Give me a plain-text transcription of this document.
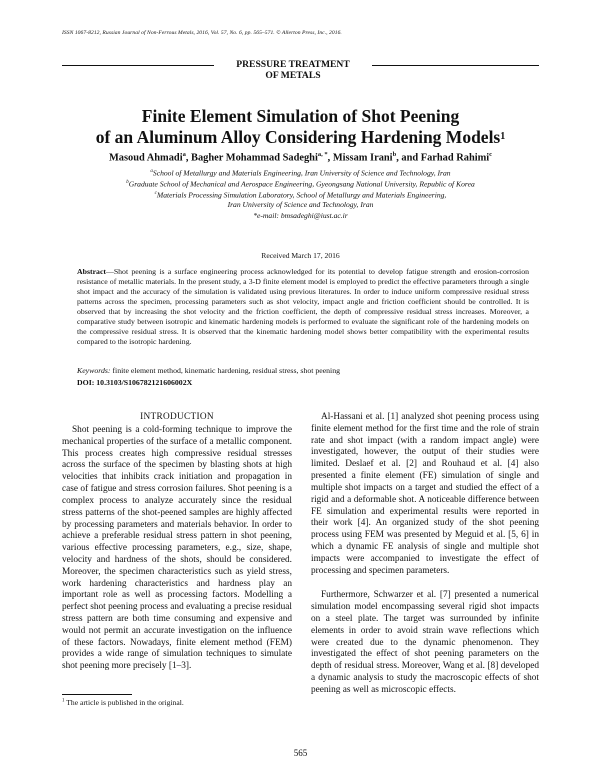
ISSN 1067-8212, Russian Journal of Non-Ferrous Metals, 2016, Vol. 57, No. 6, pp. 565–571. © Allerton Press, Inc., 2016.
PRESSURE TREATMENT
OF METALS
Finite Element Simulation of Shot Peening
of an Aluminum Alloy Considering Hardening Models$^1$
Masoud Ahmadi$^a$, Bagher Mohammad Sadeghi$^{a, *}$, Missam Irani$^b$, and Farhad Rahimi$^c$
$^a$School of Metallurgy and Materials Engineering, Iran University of Science and Technology, Iran
$^b$Graduate School of Mechanical and Aerospace Engineering, Gyeongsang National University, Republic of Korea
$^c$Materials Processing Simulation Laboratory, School of Metallurgy and Materials Engineering,
Iran University of Science and Technology, Iran
*e-mail: bmsadeghi@iust.ac.ir
Received March 17, 2016
Abstract—Shot peening is a surface engineering process acknowledged for its potential to develop fatigue strength and erosion-corrosion resistance of metallic materials. In the present study, a 3-D finite element model is employed to predict the effective parameters through a single shot impact and the accuracy of the simulation is validated using previous literatures. In order to induce uniform compressive residual stress patterns across the specimen, processing parameters such as shot velocity, impact angle and friction coefficient should be controlled. It is observed that by increasing the shot velocity and the friction coefficient, the depth of compressive residual stress increases. Moreover, a comparative study between isotropic and kinematic hardening models is performed to evaluate the significant role of the hardening models on the compressive residual stress. It is observed that the kinematic hardening model shows better compatibility with the experimental results compared to the isotropic hardening.
Keywords: finite element method, kinematic hardening, residual stress, shot peening
DOI: 10.3103/S106782121606002X
INTRODUCTION

Shot peening is a cold-forming technique to improve the mechanical properties of the surface of a metallic component. This process creates high compressive residual stresses across the surface of the specimen by blasting shots at high velocities that inhibits crack initiation and propagation in case of fatigue and stress corrosion failures. Shot peening is a complex process to analyze accurately since the residual stress patterns of the shot-peened samples are highly affected by processing parameters and materials behavior. In order to achieve a preferable residual stress pattern in shot peening, various effective processing parameters, e.g., size, shape, velocity and hardness of the shots, should be considered. Moreover, the specimen characteristics such as yield stress, work hardening characteristics and hardness play an important role as well as processing factors. Modelling a perfect shot peening process and evaluating a precise residual stress pattern are both time consuming and expensive and would not permit an accurate investigation on the influence of these factors. Nowadays, finite element method (FEM) provides a wide range of simulation techniques to simulate shot peening more precisely [1–3].

Al-Hassani et al. [1] analyzed shot peening process using finite element method for the first time and the role of strain rate and shot impact (with a random impact angle) were investigated, however, the output of their studies were limited. Deslaef et al. [2] and Rouhaud et al. [4] also presented a finite element (FE) simulation of single and multiple shot impacts on a target and studied the effect of a rigid and a deformable shot. A noticeable difference between FE simulation and experimental results were reported in their work [4]. An organized study of the shot peening process using FEM was presented by Meguid et al. [5, 6] in which a dynamic FE analysis of single and multiple shot impacts were accompanied to investigate the effect of processing and specimen parameters.

Furthermore, Schwarzer et al. [7] presented a numerical simulation model encompassing several rigid shot impacts on a steel plate. The target was surrounded by infinite elements in order to avoid strain wave reflections which were created due to the dynamic phenomenon. They investigated the effect of shot peening parameters on the depth of residual stress. Moreover, Wang et al. [8] developed a dynamic analysis to study the macroscopic effects of shot peening as well as microscopic effects.

$^1$ The article is published in the original.
565
